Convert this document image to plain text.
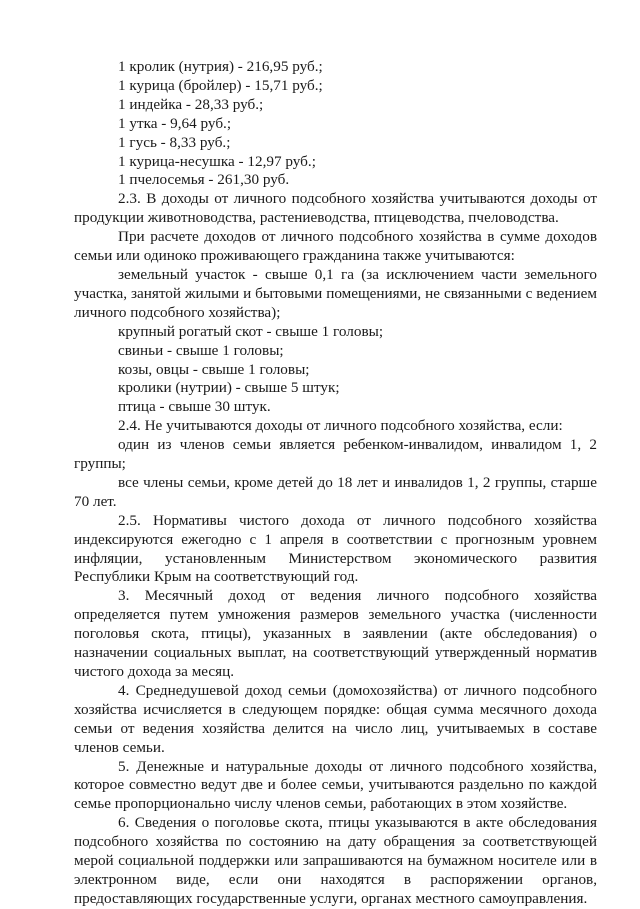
1 кролик (нутрия) - 216,95 руб.;

1 курица (бройлер) - 15,71 руб.;

1 индейка - 28,33 руб.;

1 утка - 9,64 руб.;

1 гусь - 8,33 руб.;

1 курица-несушка - 12,97 руб.;

1 пчелосемья - 261,30 руб.

2.3. В доходы от личного подсобного хозяйства учитываются доходы от продукции животноводства, растениеводства, птицеводства, пчеловодства.

При расчете доходов от личного подсобного хозяйства в сумме доходов семьи или одиноко проживающего гражданина также учитываются:

земельный участок - свыше 0,1 га (за исключением части земельного участка, занятой жилыми и бытовыми помещениями, не связанными с ведением личного подсобного хозяйства);

крупный рогатый скот - свыше 1 головы;

свиньи - свыше 1 головы;

козы, овцы - свыше 1 головы;

кролики (нутрии) - свыше 5 штук;

птица - свыше 30 штук.

2.4. Не учитываются доходы от личного подсобного хозяйства, если:

один из членов семьи является ребенком-инвалидом, инвалидом 1, 2 группы;

все члены семьи, кроме детей до 18 лет и инвалидов 1, 2 группы, старше 70 лет.

2.5. Нормативы чистого дохода от личного подсобного хозяйства индексируются ежегодно с 1 апреля в соответствии с прогнозным уровнем инфляции, установленным Министерством экономического развития Республики Крым на соответствующий год.

3. Месячный доход от ведения личного подсобного хозяйства определяется путем умножения размеров земельного участка (численности поголовья скота, птицы), указанных в заявлении (акте обследования) о назначении социальных выплат, на соответствующий утвержденный норматив чистого дохода за месяц.

4. Среднедушевой доход семьи (домохозяйства) от личного подсобного хозяйства исчисляется в следующем порядке: общая сумма месячного дохода семьи от ведения хозяйства делится на число лиц, учитываемых в составе членов семьи.

5. Денежные и натуральные доходы от личного подсобного хозяйства, которое совместно ведут две и более семьи, учитываются раздельно по каждой семье пропорционально числу членов семьи, работающих в этом хозяйстве.

6. Сведения о поголовье скота, птицы указываются в акте обследования подсобного хозяйства по состоянию на дату обращения за соответствующей мерой социальной поддержки или запрашиваются на бумажном носителе или в электронном виде, если они находятся в распоряжении органов, предоставляющих государственные услуги, органах местного самоуправления.
